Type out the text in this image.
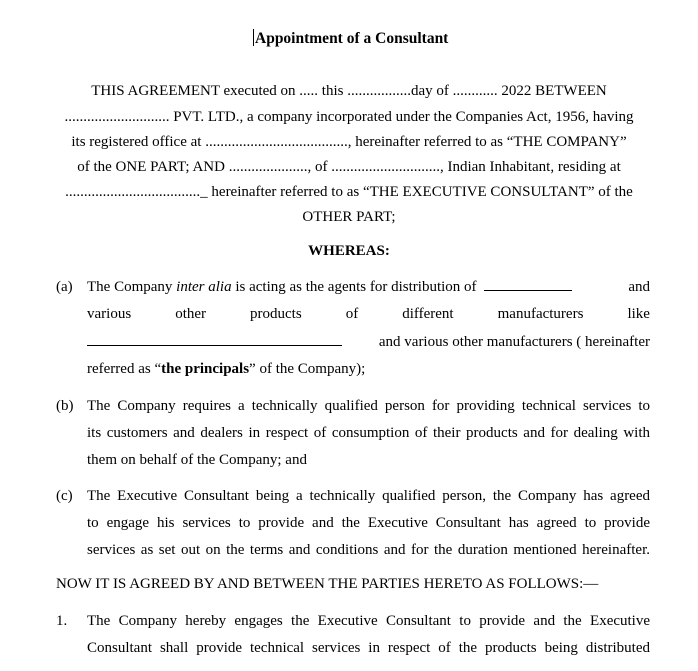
Appointment of a Consultant
THIS AGREEMENT executed on ..... this .................day of ............ 2022 BETWEEN
............................ PVT. LTD., a company incorporated under the Companies Act, 1956, having
its registered office at ......................................, hereinafter referred to as “THE COMPANY”
of the ONE PART; AND ....................., of ............................., Indian Inhabitant, residing at
...................................._ hereinafter referred to as “THE EXECUTIVE CONSULTANT” of the
OTHER PART;
WHEREAS:
(a) The Company inter alia is acting as the agents for distribution of	and
various	other	products	of	different	manufacturers	like
and various other manufacturers ( hereinafter
referred as “the principals” of the Company);
(b) The Company requires a technically qualified person for providing technical services to
its customers and dealers in respect of consumption of their products and for dealing with
them on behalf of the Company; and
(c) The Executive Consultant being a technically qualified person, the Company has agreed
to engage his services to provide and the Executive Consultant has agreed to provide
services as set out on the terms and conditions and for the duration mentioned hereinafter.
NOW IT IS AGREED BY AND BETWEEN THE PARTIES HERETO AS FOLLOWS:—
1. The Company hereby engages the Executive Consultant to provide and the Executive
Consultant shall provide technical services in respect of the products being distributed
